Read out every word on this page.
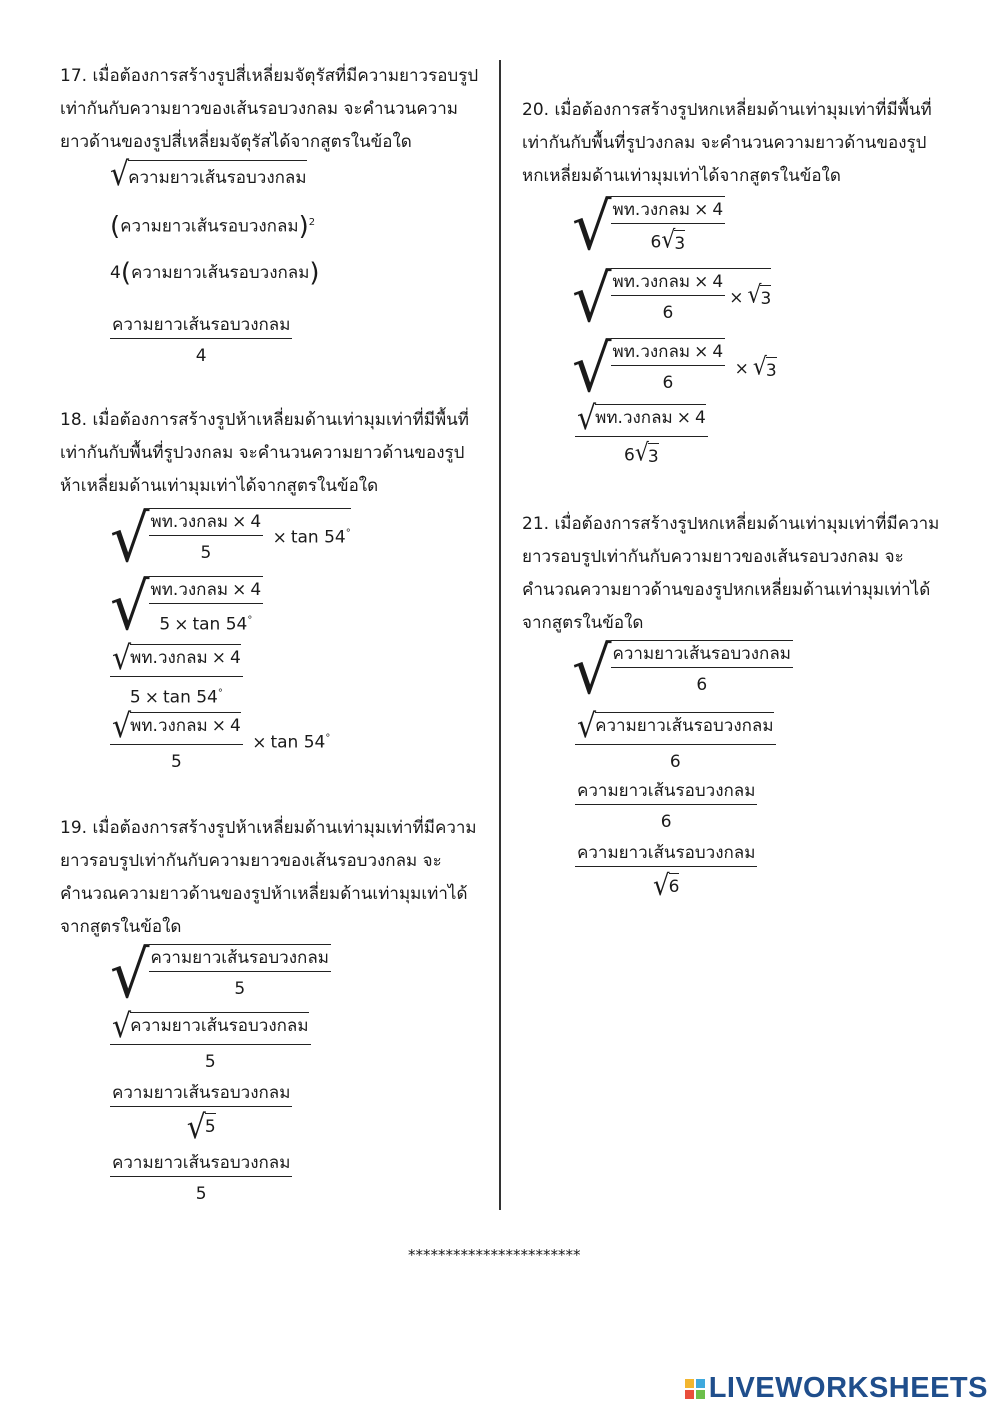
17. เมื่อต้องการสร้างรูปสี่เหลี่ยมจัตุรัสที่มีความยาวรอบรูป

เท่ากันกับความยาวของเส้นรอบวงกลม จะคำนวนความ

ยาวด้านของรูปสี่เหลี่ยมจัตุรัสได้จากสูตรในข้อใด

√ ความยาวเส้นรอบวงกลม
(ความยาวเส้นรอบวงกลม)$^2$
4(ความยาวเส้นรอบวงกลม)
$\frac{\text{ความยาวเส้นรอบวงกลม}}{4}$

18. เมื่อต้องการสร้างรูปห้าเหลี่ยมด้านเท่ามุมเท่าที่มีพื้นที่

เท่ากันกับพื้นที่รูปวงกลม จะคำนวนความยาวด้านของรูป

ห้าเหลี่ยมด้านเท่ามุมเท่าได้จากสูตรในข้อใด

√ $\frac{\text{พท.วงกลม × 4}}{5} \times \tan 54^\circ$
√ $\frac{\text{พท.วงกลม × 4}}{5 \times \tan 54^\circ}$
$\frac{\text{√ พท.วงกลม × 4}}{5 \times \tan 54^\circ}$
$\frac{\text{√ พท.วงกลม × 4}}{5} \times \tan 54^\circ$

19. เมื่อต้องการสร้างรูปห้าเหลี่ยมด้านเท่ามุมเท่าที่มีความ

ยาวรอบรูปเท่ากันกับความยาวของเส้นรอบวงกลม จะ

คำนวณความยาวด้านของรูปห้าเหลี่ยมด้านเท่ามุมเท่าได้

จากสูตรในข้อใด

√ $\frac{\text{ความยาวเส้นรอบวงกลม}}{5}$
$\frac{\text{√ ความยาวเส้นรอบวงกลม}}{5}$
$\frac{\text{ความยาวเส้นรอบวงกลม}}{√ 5}$
$\frac{\text{ความยาวเส้นรอบวงกลม}}{5}$

20. เมื่อต้องการสร้างรูปหกเหลี่ยมด้านเท่ามุมเท่าที่มีพื้นที่

เท่ากันกับพื้นที่รูปวงกลม จะคำนวนความยาวด้านของรูป

หกเหลี่ยมด้านเท่ามุมเท่าได้จากสูตรในข้อใด

√ $\frac{\text{พท.วงกลม × 4}}{6 √ 3}$
√ $\frac{\text{พท.วงกลม × 4}}{6}$ × √ 3
√ $\frac{\text{พท.วงกลม × 4}}{6}$ × √ 3
$\frac{\text{√ พท.วงกลม × 4}}{6 √ 3}$

21. เมื่อต้องการสร้างรูปหกเหลี่ยมด้านเท่ามุมเท่าที่มีความ

ยาวรอบรูปเท่ากันกับความยาวของเส้นรอบวงกลม จะ

คำนวณความยาวด้านของรูปหกเหลี่ยมด้านเท่ามุมเท่าได้

จากสูตรในข้อใด

√ $\frac{\text{ความยาวเส้นรอบวงกลม}}{6}$
$\frac{\text{√ ความยาวเส้นรอบวงกลม}}{6}$
$\frac{\text{ความยาวเส้นรอบวงกลม}}{6}$
$\frac{\text{ความยาวเส้นรอบวงกลม}}{√ 6}$
***********************
LIVEWORKSHEETS
